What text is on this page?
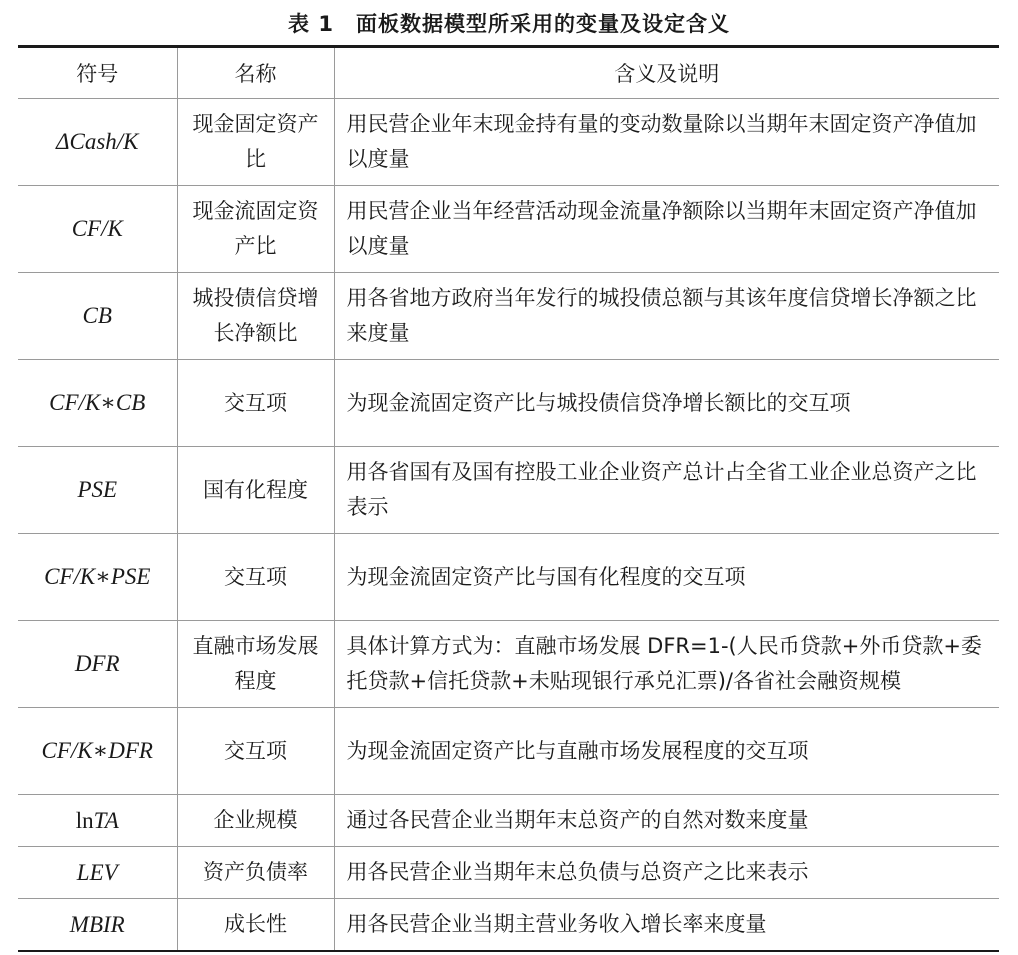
表 1 面板数据模型所采用的变量及设定含义
符号	名称	含义及说明
ΔCash/K	现金固定资产比	用民营企业年末现金持有量的变动数量除以当期年末固定资产净值加以度量
CF/K	现金流固定资产比	用民营企业当年经营活动现金流量净额除以当期年末固定资产净值加以度量
CB	城投债信贷增长净额比	用各省地方政府当年发行的城投债总额与其该年度信贷增长净额之比来度量
CF/K∗CB	交互项	为现金流固定资产比与城投债信贷净增长额比的交互项
PSE	国有化程度	用各省国有及国有控股工业企业资产总计占全省工业企业总资产之比表示
CF/K∗PSE	交互项	为现金流固定资产比与国有化程度的交互项
DFR	直融市场发展程度	具体计算方式为：直融市场发展 DFR=1-(人民币贷款+外币贷款+委托贷款+信托贷款+未贴现银行承兑汇票)/各省社会融资规模
CF/K∗DFR	交互项	为现金流固定资产比与直融市场发展程度的交互项
lnTA	企业规模	通过各民营企业当期年末总资产的自然对数来度量
LEV	资产负债率	用各民营企业当期年末总负债与总资产之比来表示
MBIR	成长性	用各民营企业当期主营业务收入增长率来度量
